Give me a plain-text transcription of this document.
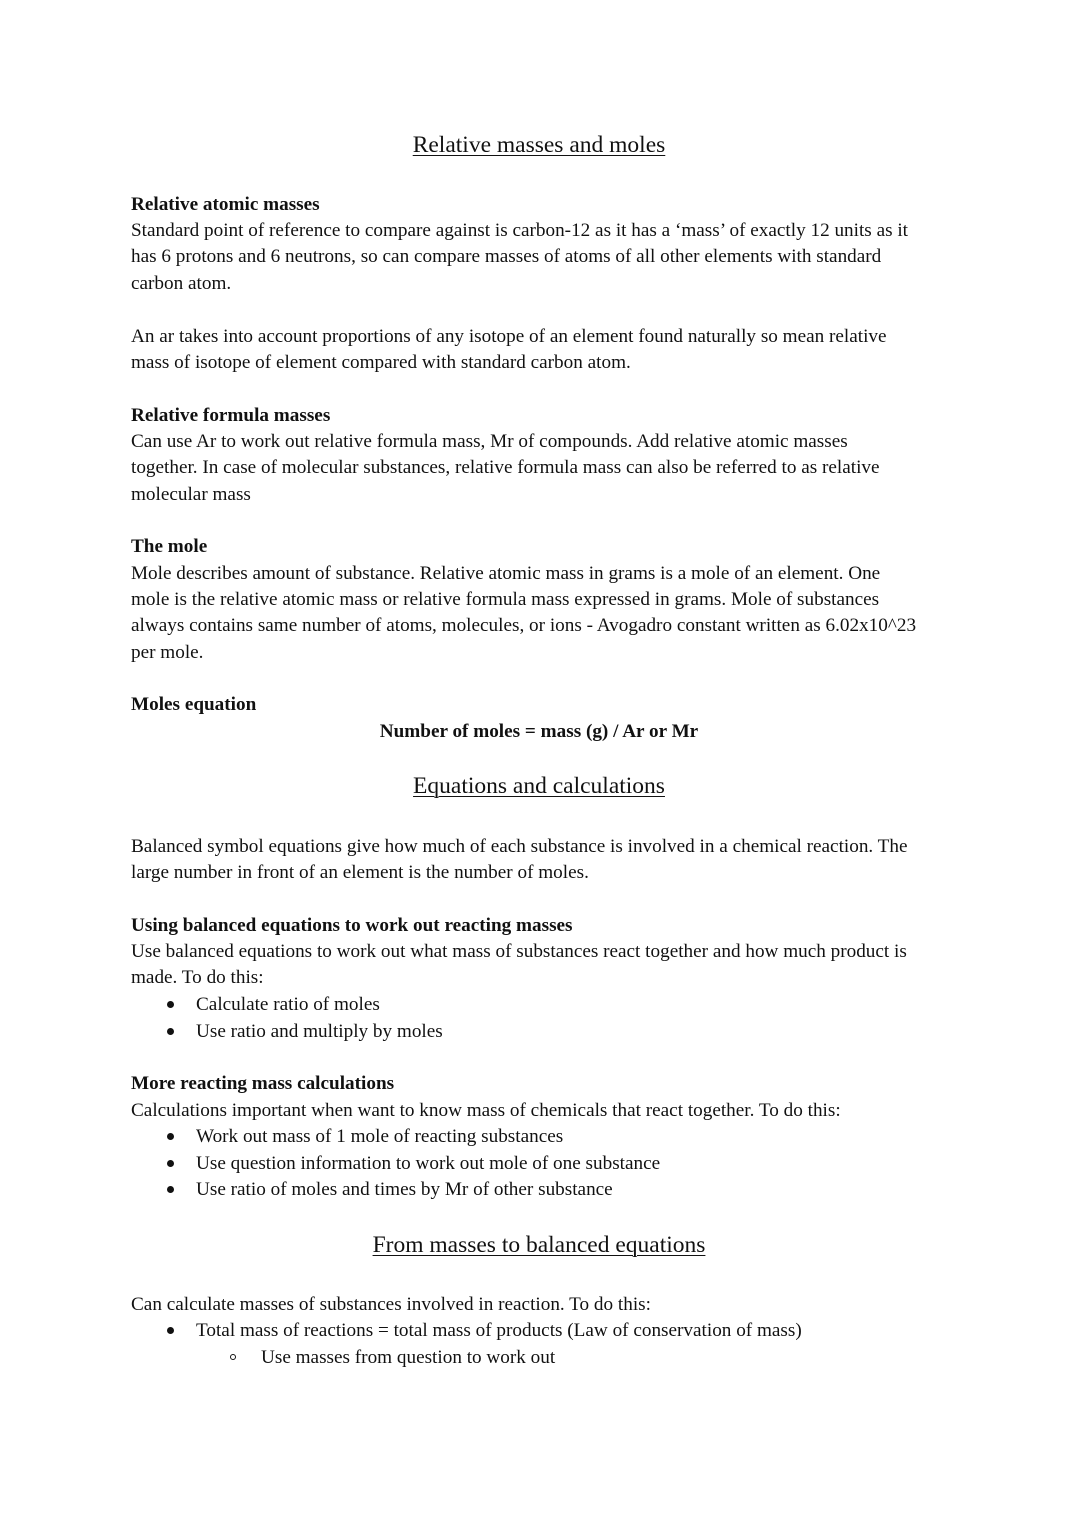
Relative masses and moles
Relative atomic masses
Standard point of reference to compare against is carbon-12 as it has a ‘mass’ of exactly 12 units as it
has 6 protons and 6 neutrons, so can compare masses of atoms of all other elements with standard
carbon atom.
An ar takes into account proportions of any isotope of an element found naturally so mean relative
mass of isotope of element compared with standard carbon atom.
Relative formula masses
Can use Ar to work out relative formula mass, Mr of compounds. Add relative atomic masses
together. In case of molecular substances, relative formula mass can also be referred to as relative
molecular mass
The mole
Mole describes amount of substance. Relative atomic mass in grams is a mole of an element. One
mole is the relative atomic mass or relative formula mass expressed in grams. Mole of substances
always contains same number of atoms, molecules, or ions - Avogadro constant written as 6.02x10^23
per mole.
Moles equation
Number of moles = mass (g) / Ar or Mr
Equations and calculations
Balanced symbol equations give how much of each substance is involved in a chemical reaction. The
large number in front of an element is the number of moles.
Using balanced equations to work out reacting masses
Use balanced equations to work out what mass of substances react together and how much product is
made. To do this:
Calculate ratio of moles
Use ratio and multiply by moles
More reacting mass calculations
Calculations important when want to know mass of chemicals that react together. To do this:
Work out mass of 1 mole of reacting substances
Use question information to work out mole of one substance
Use ratio of moles and times by Mr of other substance
From masses to balanced equations
Can calculate masses of substances involved in reaction. To do this:
Total mass of reactions = total mass of products (Law of conservation of mass)
Use masses from question to work out
